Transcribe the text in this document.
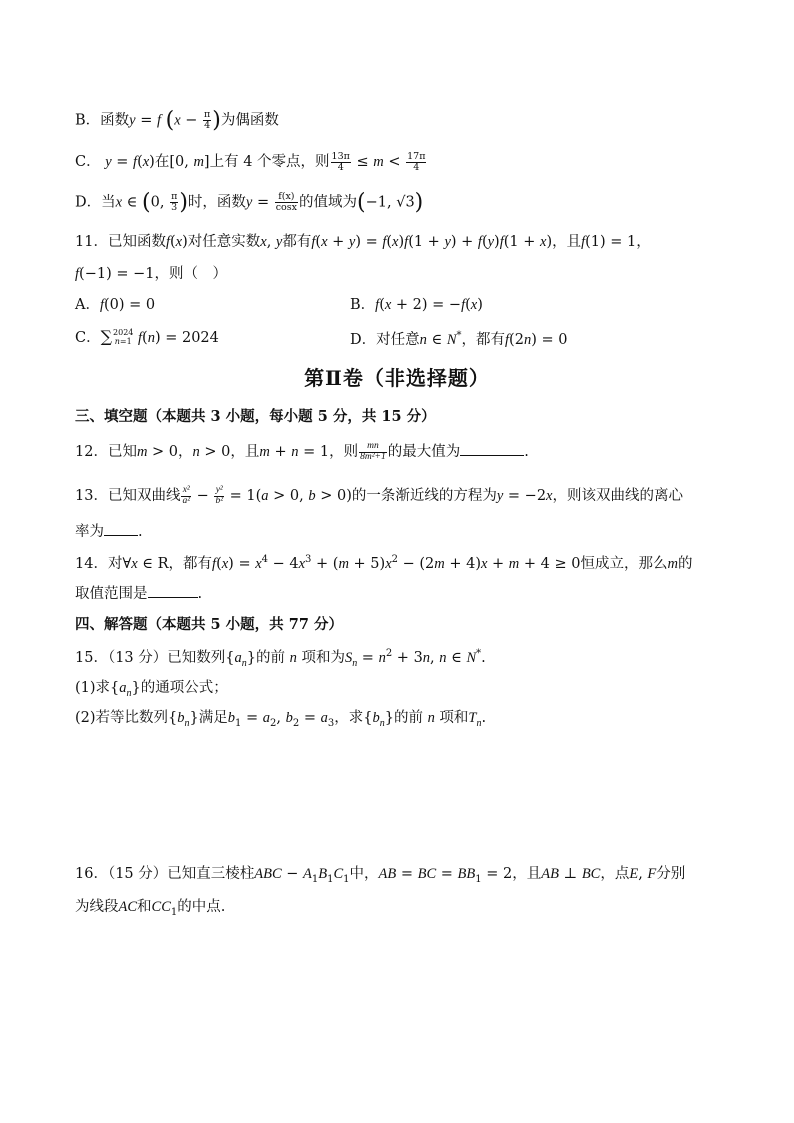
B．函数y = f ($x - \frac{\pi}{4}$ )为偶函数
C． y = f(x)在[0, m]上有 4 个零点，则 $\frac{13\pi}{4} \le m < \frac{17\pi}{4}$
D．当x ∈ (0, $\frac{\pi}{3}$ )时，函数$y = \frac{f(x)}{\cos x}$ 的值域为(−1, √3)
11．已知函数f(x)对任意实数x, y都有f(x + y) = f(x)f(1 + y) + f(y)f(1 + x)，且f(1) = 1，
f(−1) = −1，则（　）
A．f(0) = 0	B．f(x + 2) = −f(x)
C．∑ 2024
n=1 f(n) = 2024	D．对任意n ∈ N*，都有f(2n) = 0
第Ⅱ卷（非选择题）
三、填空题（本题共 3 小题，每小题 5 分，共 15 分）
12．已知m > 0，n > 0，且m + n = 1，则 $\frac{mn}{\text{8m²+1}}$ 的最大值为	.
13．已知双曲线 $\frac{\text{x²}}{\text{a²}} - \frac{\text{y²}}{\text{b²}} = 1(a > 0$, b > 0)的一条渐近线的方程为y = −2x，则该双曲线的离心
率为 .
14．对∀x ∈ R，都有$f(x) = x^4 - 4x^3 + (m + 5)x^2 - (2m + 4)x + m + 4 \ge 0$恒成立，那么m的
取值范围是	.
四、解答题（本题共 5 小题，共 77 分）
15．（13 分）已知数列$\{a_n\}$的前 n 项和为$S_n = n^2 + 3n$, n ∈ N*.
(1)求$\{a_n\}$的通项公式；
(2)若等比数列$\{b_n\}$满足$b_1 = a_2$, $b_2 = a_3$，求$\{b_n\}$的前 n 项和$T_n$.
16．（15 分）已知直三棱柱ABC − $A_1B_1C_1$中，AB = BC = $BB_1 = 2$，且AB ⊥ BC，点E, F分别
为线段AC和$CC_1$的中点.
